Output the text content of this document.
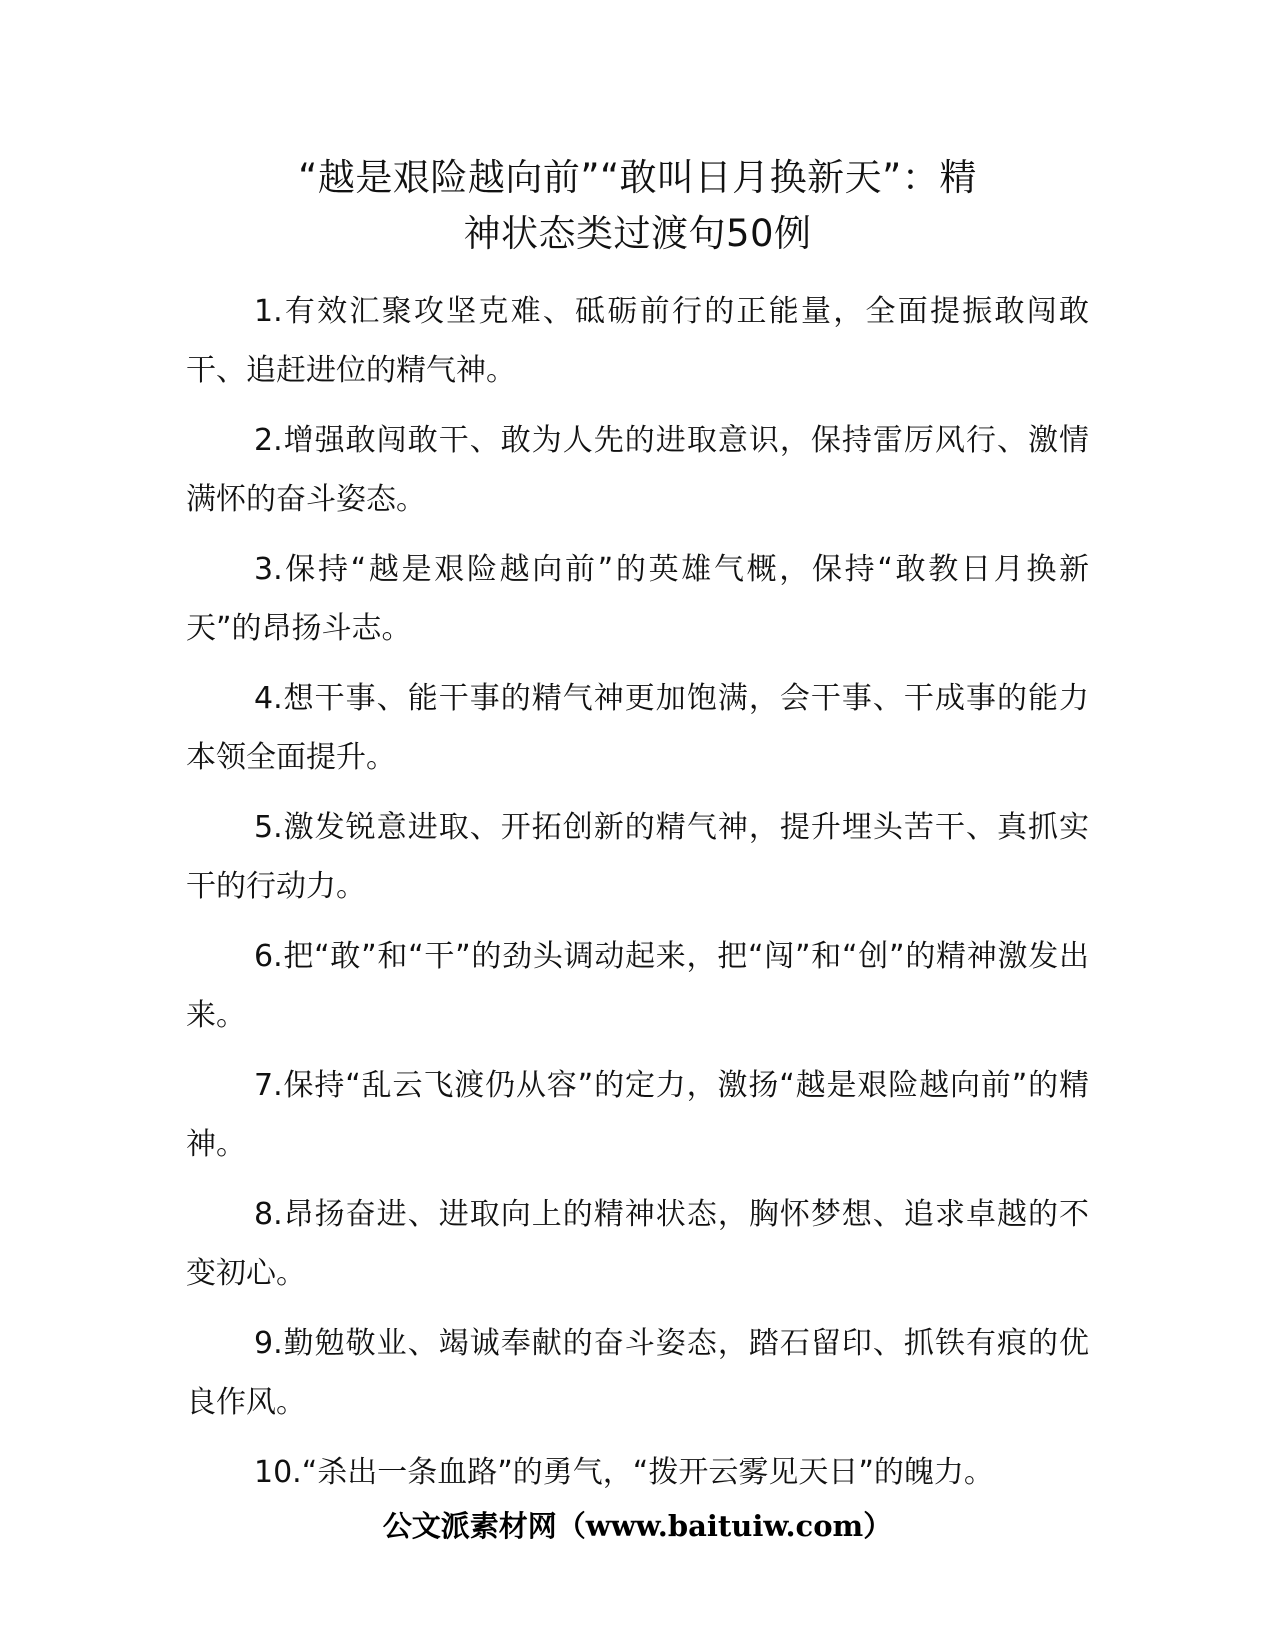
“越是艰险越向前”“敢叫日月换新天”：精
神状态类过渡句50例

1.有效汇聚攻坚克难、砥砺前行的正能量，全面提振敢闯敢干、追赶进位的精气神。

2.增强敢闯敢干、敢为人先的进取意识，保持雷厉风行、激情满怀的奋斗姿态。

3.保持“越是艰险越向前”的英雄气概，保持“敢教日月换新天”的昂扬斗志。

4.想干事、能干事的精气神更加饱满，会干事、干成事的能力本领全面提升。

5.激发锐意进取、开拓创新的精气神，提升埋头苦干、真抓实干的行动力。

6.把“敢”和“干”的劲头调动起来，把“闯”和“创”的精神激发出来。

7.保持“乱云飞渡仍从容”的定力，激扬“越是艰险越向前”的精神。

8.昂扬奋进、进取向上的精神状态，胸怀梦想、追求卓越的不变初心。

9.勤勉敬业、竭诚奉献的奋斗姿态，踏石留印、抓铁有痕的优良作风。

10.“杀出一条血路”的勇气，“拨开云雾见天日”的魄力。

公文派素材网（www.baituiw.com）
